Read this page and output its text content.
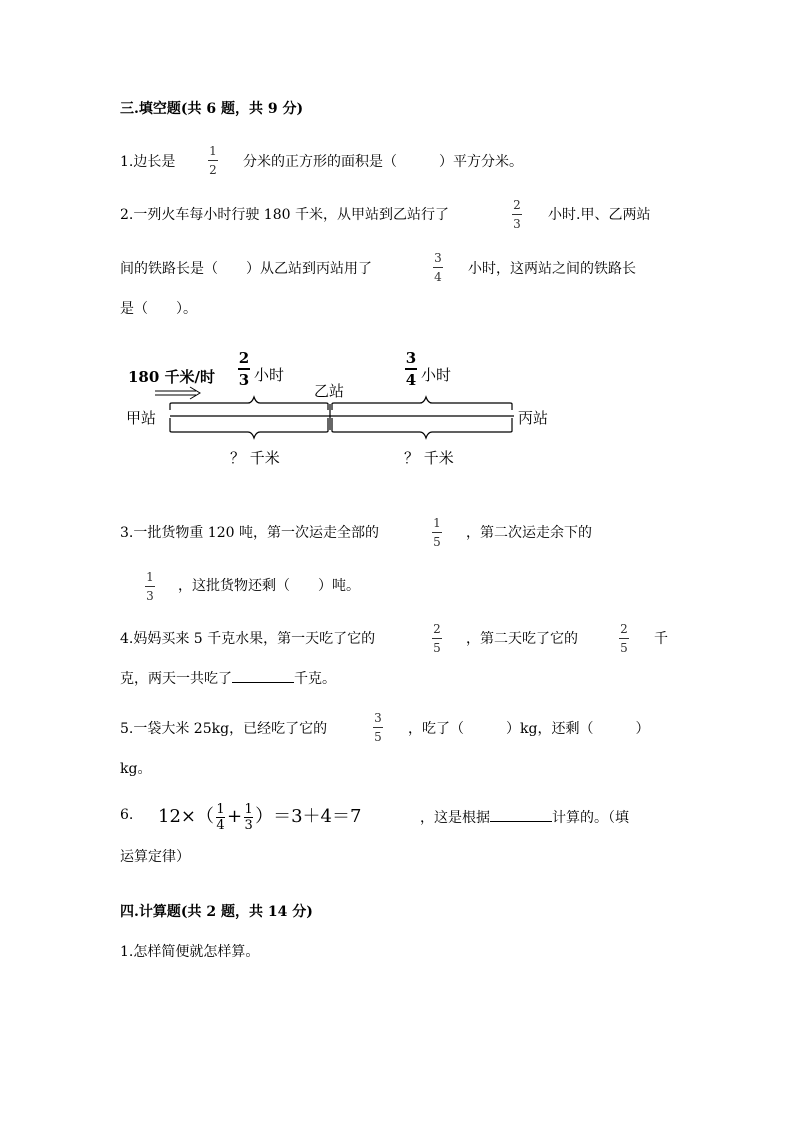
三.填空题(共 6 题，共 9 分)
1.边长是
1
2 分米的正方形的面积是（　　　）平方分米。
2.一列火车每小时行驶 180 千米，从甲站到乙站行了
2
3
小时.甲、乙两站
间的铁路长是（　　）从乙站到丙站用了
3
4 小时，这两站之间的铁路长
是（　　）。
180 千米/时
2
3 小时
乙站
3
4 小时
甲站	丙站
？ 千米	？ 千米
3.一批货物重 120 吨，第一次运走全部的
1
5
，第二次运走余下的
1
3
，这批货物还剩（　　）吨。
4.妈妈买来 5 千克水果，第一天吃了它的
2
5
，第二天吃了它的
2
5
千
克，两天一共吃了	千克。
5.一袋大米 25kg，已经吃了它的
3
5 ，吃了（　　　）kg，还剩（　　　）
kg。
6. $12\times( \frac{1}{4} + \frac{1}{3} )=3+4=7$	，这是根据	计算的。（填
运算定律）
四.计算题(共 2 题，共 14 分)
1.怎样简便就怎样算。
